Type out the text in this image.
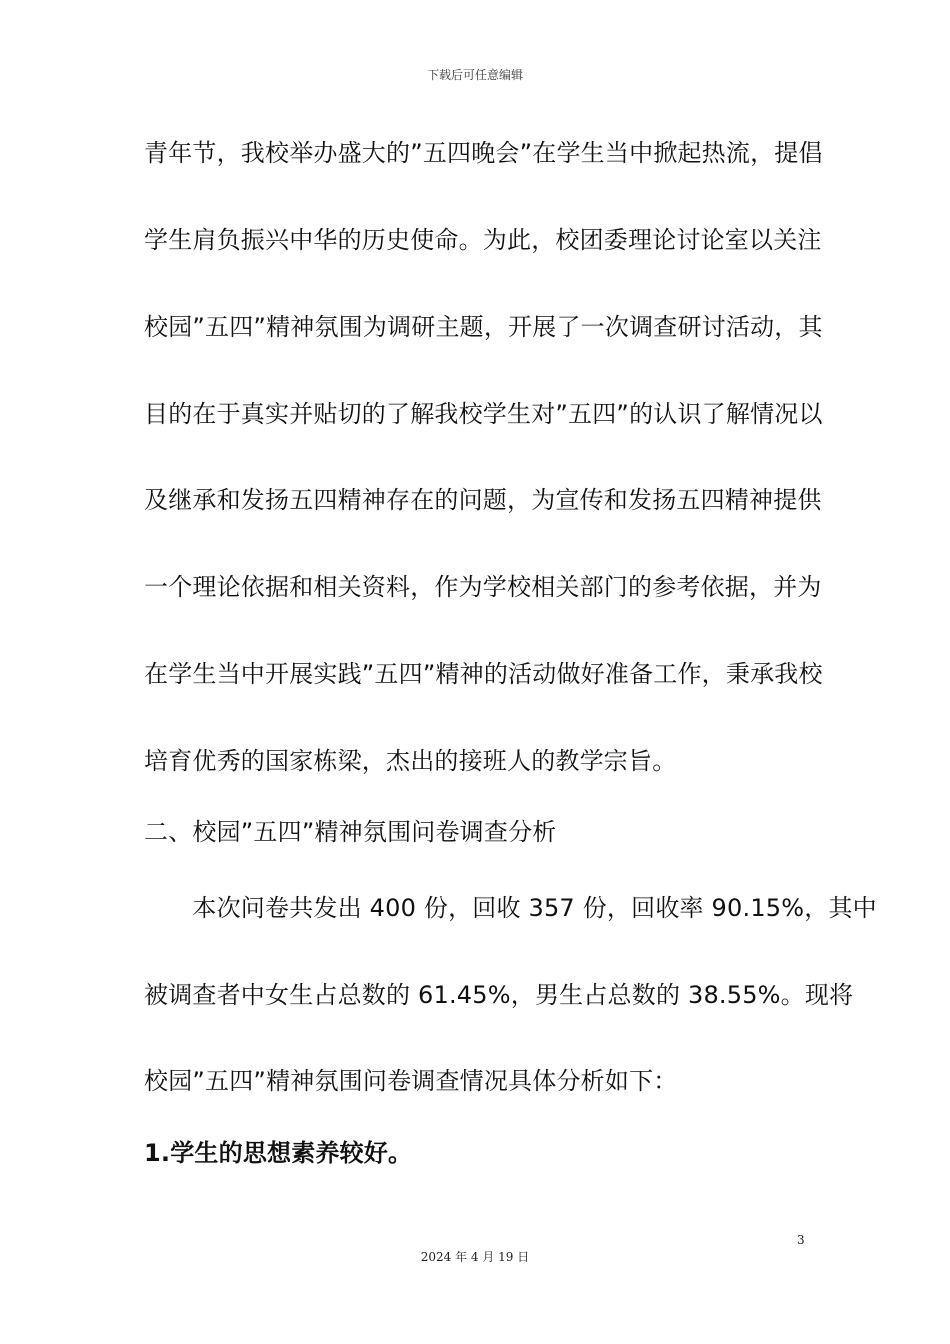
下载后可任意编辑
青年节，我校举办盛大的”五四晚会”在学生当中掀起热流，提倡
学生肩负振兴中华的历史使命。为此，校团委理论讨论室以关注
校园”五四”精神氛围为调研主题，开展了一次调查研讨活动，其
目的在于真实并贴切的了解我校学生对”五四”的认识了解情况以
及继承和发扬五四精神存在的问题，为宣传和发扬五四精神提供
一个理论依据和相关资料，作为学校相关部门的参考依据，并为
在学生当中开展实践”五四”精神的活动做好准备工作，秉承我校
培育优秀的国家栋梁，杰出的接班人的教学宗旨。
二、校园”五四”精神氛围问卷调查分析
　　本次问卷共发出 400 份，回收 357 份，回收率 90.15%，其中
被调查者中女生占总数的 61.45%，男生占总数的 38.55%。现将
校园”五四”精神氛围问卷调查情况具体分析如下：
1.学生的思想素养较好。
3
2024 年 4 月 19 日
